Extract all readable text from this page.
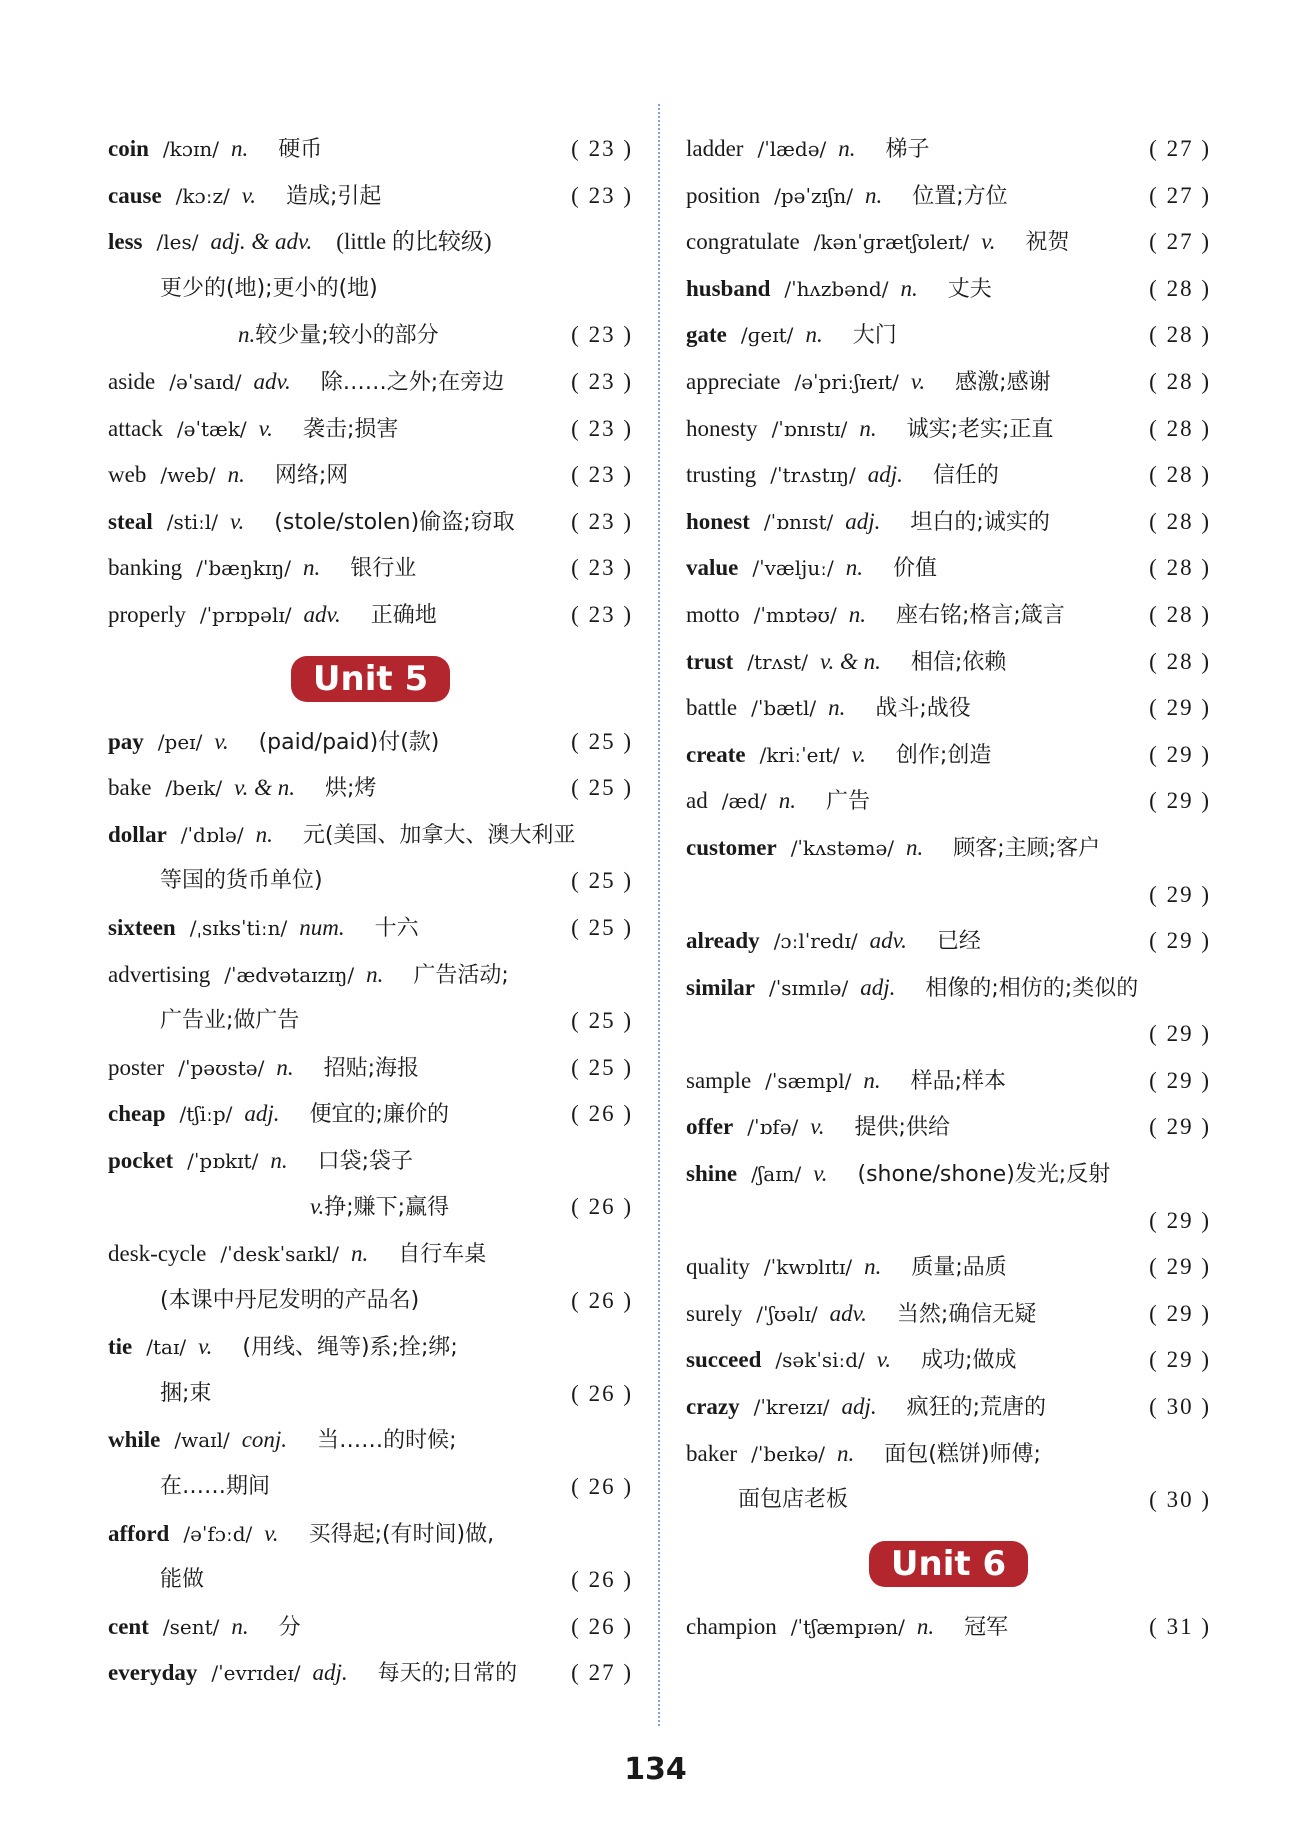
coin /kɔɪn/ n. 硬币	( 23 )
cause /kɔːz/ v. 造成;引起	( 23 )
less /les/ adj. & adv. (little 的比较级)
更少的(地);更小的(地)
n.较少量;较小的部分	( 23 )
aside /əˈsaɪd/ adv. 除……之外;在旁边	( 23 )
attack /əˈtæk/ v. 袭击;损害	( 23 )
web /web/ n. 网络;网	( 23 )
steal /stiːl/ v. (stole/stolen)偷盗;窃取 ( 23 )
banking /ˈbæŋkɪŋ/ n. 银行业	( 23 )
properly /ˈprɒpəlɪ/ adv. 正确地	( 23 )
Unit 5
pay /peɪ/ v. (paid/paid)付(款)	( 25 )
bake /beɪk/ v. & n. 烘;烤	( 25 )
dollar /ˈdɒlə/ n. 元(美国、加拿大、澳大利亚
等国的货币单位)	( 25 )
sixteen /ˌsɪksˈtiːn/ num. 十六	( 25 )
advertising /ˈædvətaɪzɪŋ/ n. 广告活动;
广告业;做广告	( 25 )
poster /ˈpəʊstə/ n. 招贴;海报	( 25 )
cheap /tʃiːp/ adj. 便宜的;廉价的	( 26 )
pocket /ˈpɒkɪt/ n. 口袋;袋子
v.挣;赚下;赢得	( 26 )
desk-cycle /ˈdeskˈsaɪkl/ n. 自行车桌
(本课中丹尼发明的产品名)	( 26 )
tie /taɪ/ v. (用线、绳等)系;拴;绑;
捆;束	( 26 )
while /waɪl/ conj. 当……的时候;
在……期间	( 26 )
afford /əˈfɔːd/ v. 买得起;(有时间)做,
能做	( 26 )
cent /sent/ n. 分	( 26 )
everyday /ˈevrɪdeɪ/ adj. 每天的;日常的 ( 27 )
ladder /ˈlædə/ n. 梯子	( 27 )
position /pəˈzɪʃn/ n. 位置;方位	( 27 )
congratulate /kənˈɡrætʃʊleɪt/ v. 祝贺	( 27 )
husband /ˈhʌzbənd/ n. 丈夫	( 28 )
gate /ɡeɪt/ n. 大门	( 28 )
appreciate /əˈpriːʃɪeɪt/ v. 感激;感谢	( 28 )
honesty /ˈɒnɪstɪ/ n. 诚实;老实;正直	( 28 )
trusting /ˈtrʌstɪŋ/ adj. 信任的	( 28 )
honest /ˈɒnɪst/ adj. 坦白的;诚实的	( 28 )
value /ˈvæljuː/ n. 价值	( 28 )
motto /ˈmɒtəʊ/ n. 座右铭;格言;箴言	( 28 )
trust /trʌst/ v. & n. 相信;依赖	( 28 )
battle /ˈbætl/ n. 战斗;战役	( 29 )
create /kriːˈeɪt/ v. 创作;创造	( 29 )
ad /æd/ n. 广告	( 29 )
customer /ˈkʌstəmə/ n. 顾客;主顾;客户
( 29 )
already /ɔːlˈredɪ/ adv. 已经	( 29 )
similar /ˈsɪmɪlə/ adj. 相像的;相仿的;类似的
( 29 )
sample /ˈsæmpl/ n. 样品;样本	( 29 )
offer /ˈɒfə/ v. 提供;供给	( 29 )
shine /ʃaɪn/ v. (shone/shone)发光;反射
( 29 )
quality /ˈkwɒlɪtɪ/ n. 质量;品质	( 29 )
surely /ˈʃʊəlɪ/ adv. 当然;确信无疑	( 29 )
succeed /səkˈsiːd/ v. 成功;做成	( 29 )
crazy /ˈkreɪzɪ/ adj. 疯狂的;荒唐的	( 30 )
baker /ˈbeɪkə/ n. 面包(糕饼)师傅;
面包店老板	( 30 )
Unit 6
champion /ˈtʃæmpɪən/ n. 冠军	( 31 )
134
